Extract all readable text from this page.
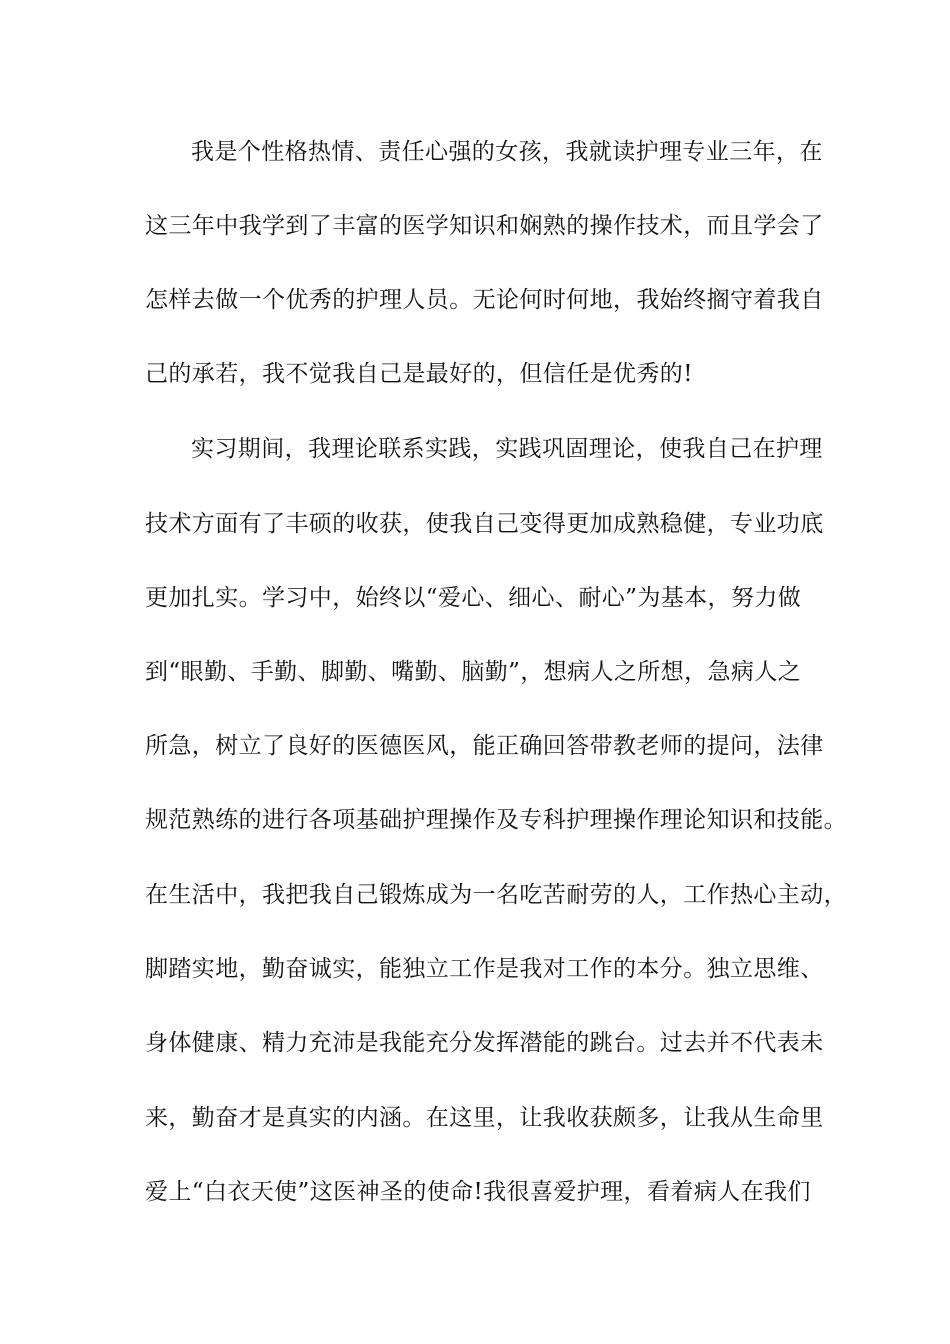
我是个性格热情、责任心强的女孩，我就读护理专业三年，在
这三年中我学到了丰富的医学知识和娴熟的操作技术，而且学会了
怎样去做一个优秀的护理人员。无论何时何地，我始终搁守着我自
己的承若，我不觉我自己是最好的，但信任是优秀的!
实习期间，我理论联系实践，实践巩固理论，使我自己在护理
技术方面有了丰硕的收获，使我自己变得更加成熟稳健，专业功底
更加扎实。学习中，始终以“爱心、细心、耐心”为基本，努力做
到“眼勤、手勤、脚勤、嘴勤、脑勤”，想病人之所想，急病人之
所急，树立了良好的医德医风，能正确回答带教老师的提问，法律
规范熟练的进行各项基础护理操作及专科护理操作理论知识和技能。
在生活中，我把我自己锻炼成为一名吃苦耐劳的人，工作热心主动，
脚踏实地，勤奋诚实，能独立工作是我对工作的本分。独立思维、
身体健康、精力充沛是我能充分发挥潜能的跳台。过去并不代表未
来，勤奋才是真实的内涵。在这里，让我收获颇多，让我从生命里
爱上“白衣天使”这医神圣的使命!我很喜爱护理，看着病人在我们
